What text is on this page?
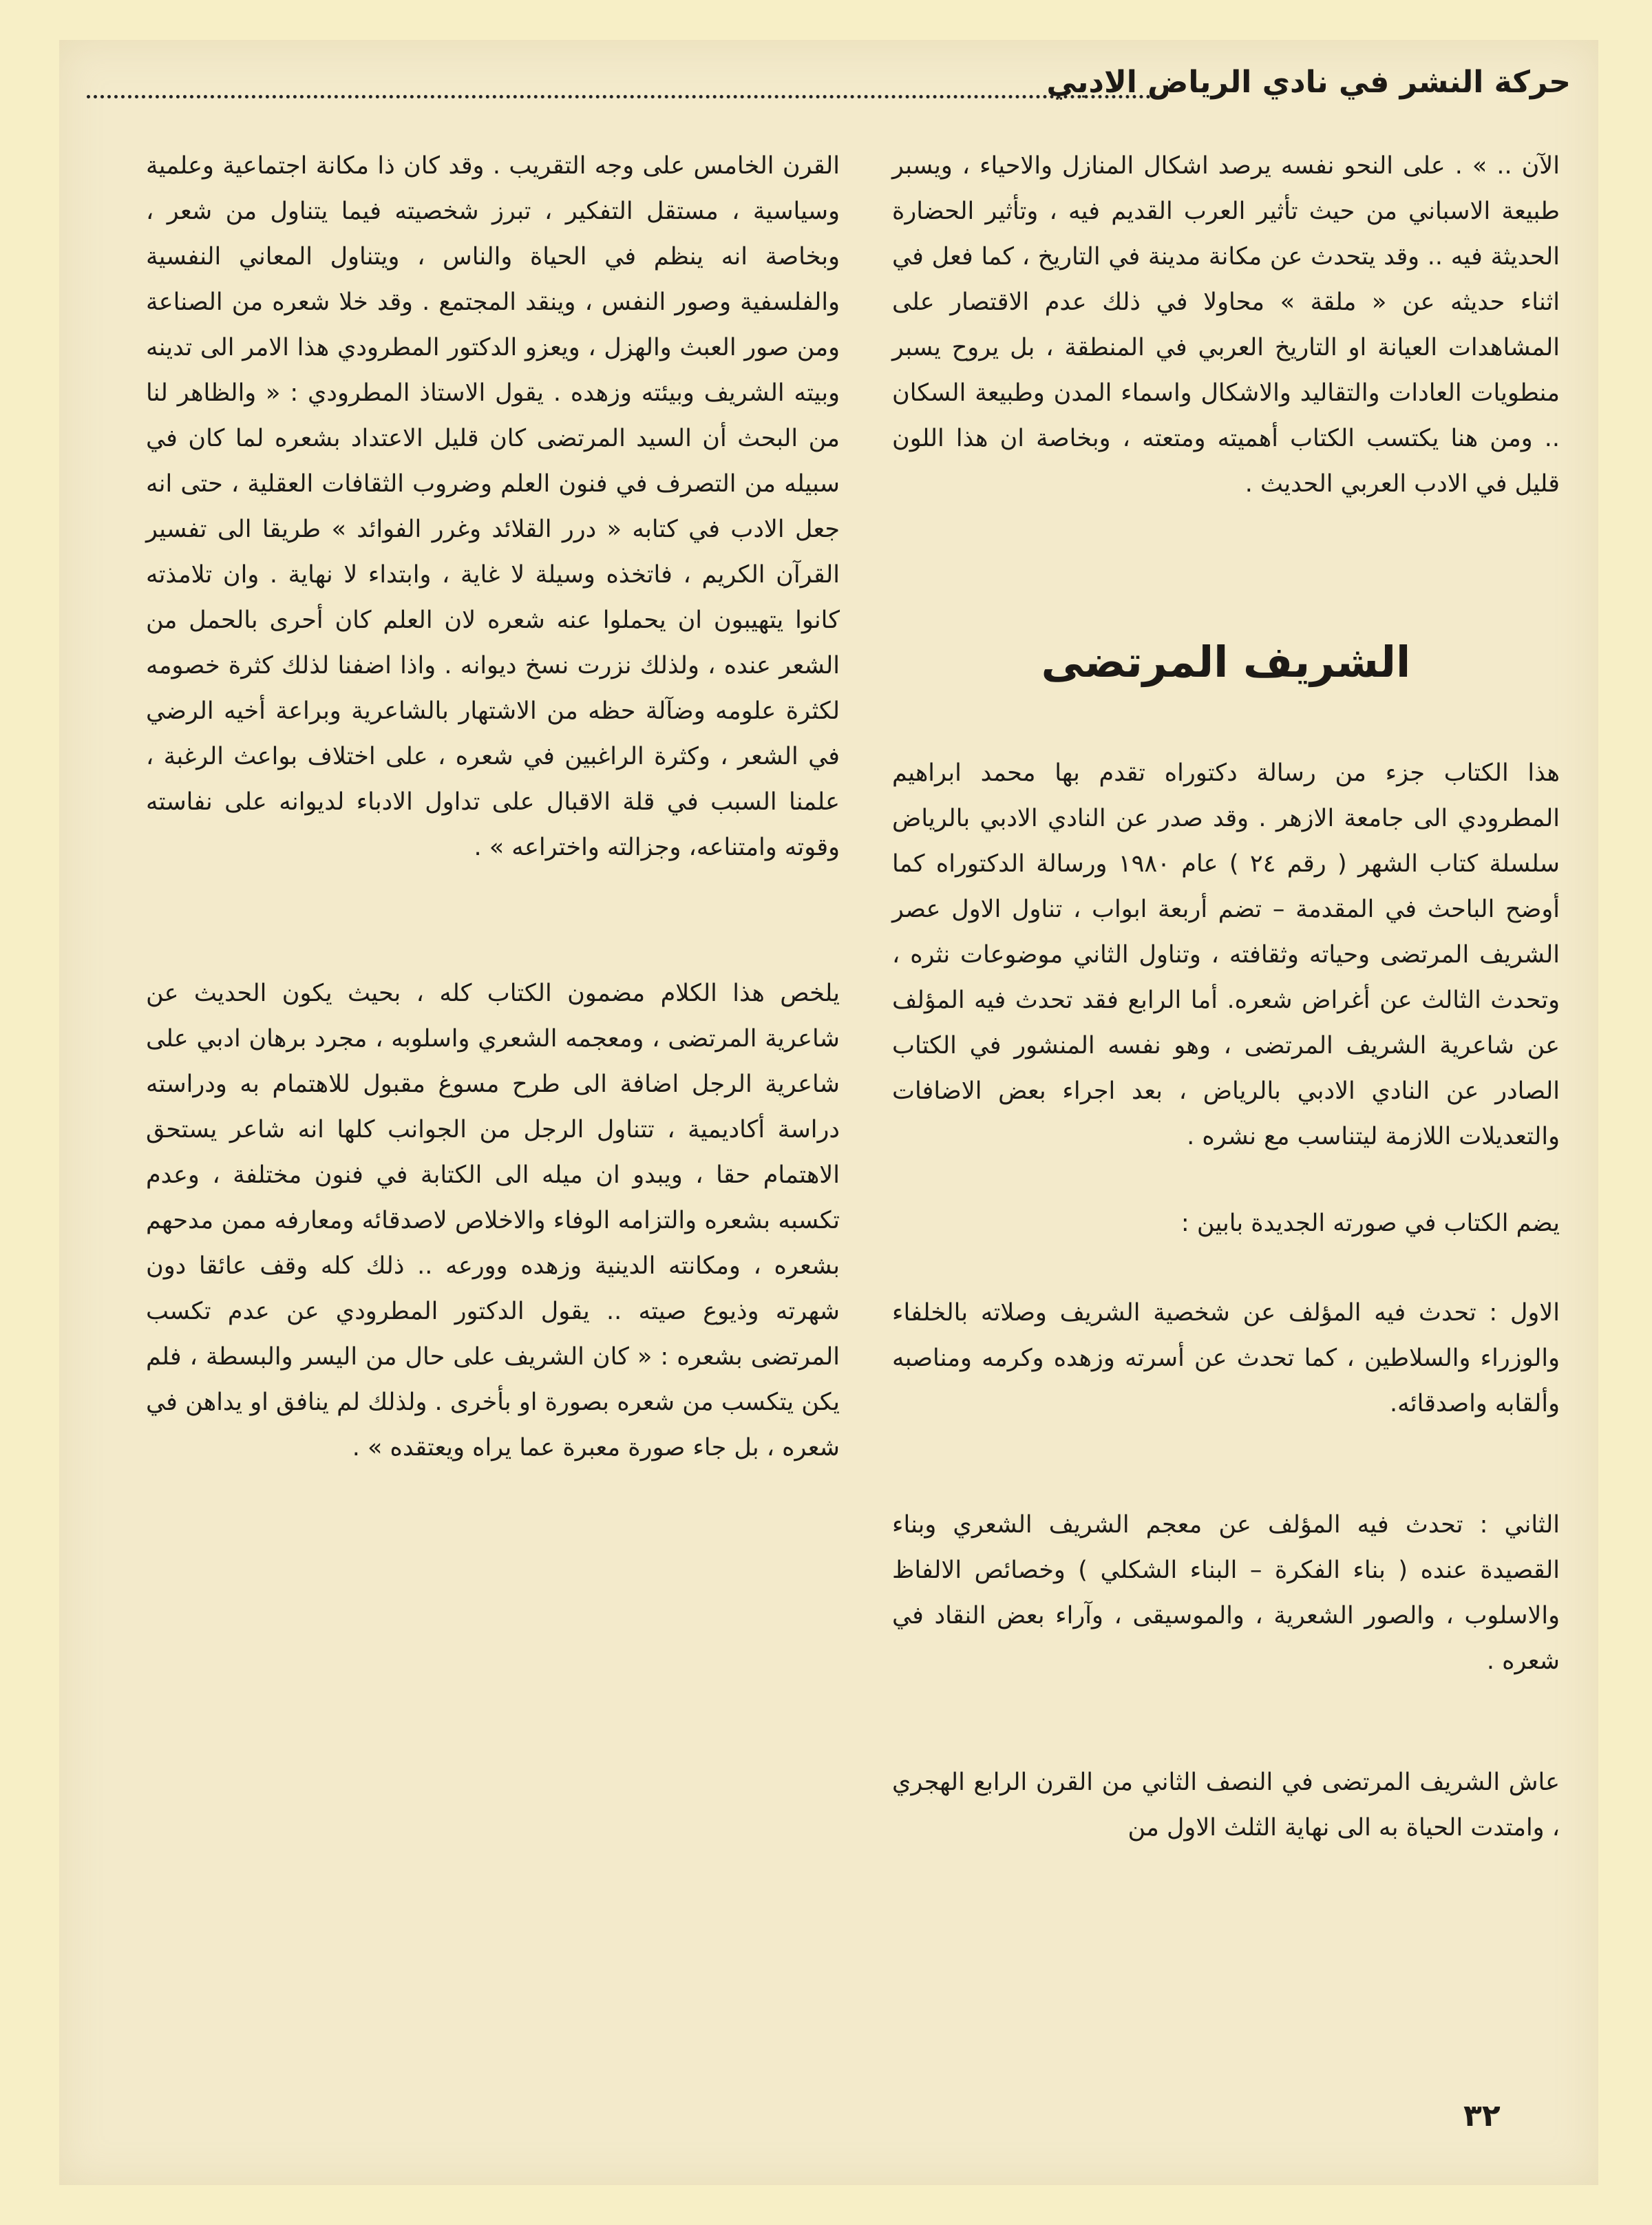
حركة النشر في نادي الرياض الادبي

الآن .. » . على النحو نفسه يرصد اشكال المنازل والاحياء ، ويسبر طبيعة الاسباني من حيث تأثير العرب القديم فيه ، وتأثير الحضارة الحديثة فيه .. وقد يتحدث عن مكانة مدينة في التاريخ ، كما فعل في اثناء حديثه عن « ملقة » محاولا في ذلك عدم الاقتصار على المشاهدات العيانة او التاريخ العربي في المنطقة ، بل يروح يسبر منطويات العادات والتقاليد والاشكال واسماء المدن وطبيعة السكان .. ومن هنا يكتسب الكتاب أهميته ومتعته ، وبخاصة ان هذا اللون قليل في الادب العربي الحديث .

الشريف المرتضى

هذا الكتاب جزء من رسالة دكتوراه تقدم بها محمد ابراهيم المطرودي الى جامعة الازهر . وقد صدر عن النادي الادبي بالرياض سلسلة كتاب الشهر ( رقم ٢٤ ) عام ١٩٨٠ ورسالة الدكتوراه كما أوضح الباحث في المقدمة – تضم أربعة ابواب ، تناول الاول عصر الشريف المرتضى وحياته وثقافته ، وتناول الثاني موضوعات نثره ، وتحدث الثالث عن أغراض شعره. أما الرابع فقد تحدث فيه المؤلف عن شاعرية الشريف المرتضى ، وهو نفسه المنشور في الكتاب الصادر عن النادي الادبي بالرياض ، بعد اجراء بعض الاضافات والتعديلات اللازمة ليتناسب مع نشره .

يضم الكتاب في صورته الجديدة بابين :

الاول : تحدث فيه المؤلف عن شخصية الشريف وصلاته بالخلفاء والوزراء والسلاطين ، كما تحدث عن أسرته وزهده وكرمه ومناصبه وألقابه واصدقائه.

الثاني : تحدث فيه المؤلف عن معجم الشريف الشعري وبناء القصيدة عنده ( بناء الفكرة – البناء الشكلي ) وخصائص الالفاظ والاسلوب ، والصور الشعرية ، والموسيقى ، وآراء بعض النقاد في شعره .

عاش الشريف المرتضى في النصف الثاني من القرن الرابع الهجري ، وامتدت الحياة به الى نهاية الثلث الاول من

القرن الخامس على وجه التقريب . وقد كان ذا مكانة اجتماعية وعلمية وسياسية ، مستقل التفكير ، تبرز شخصيته فيما يتناول من شعر ، وبخاصة انه ينظم في الحياة والناس ، ويتناول المعاني النفسية والفلسفية وصور النفس ، وينقد المجتمع . وقد خلا شعره من الصناعة ومن صور العبث والهزل ، ويعزو الدكتور المطرودي هذا الامر الى تدينه وبيته الشريف وبيئته وزهده . يقول الاستاذ المطرودي : « والظاهر لنا من البحث أن السيد المرتضى كان قليل الاعتداد بشعره لما كان في سبيله من التصرف في فنون العلم وضروب الثقافات العقلية ، حتى انه جعل الادب في كتابه « درر القلائد وغرر الفوائد » طريقا الى تفسير القرآن الكريم ، فاتخذه وسيلة لا غاية ، وابتداء لا نهاية . وان تلامذته كانوا يتهيبون ان يحملوا عنه شعره لان العلم كان أحرى بالحمل من الشعر عنده ، ولذلك نزرت نسخ ديوانه . واذا اضفنا لذلك كثرة خصومه لكثرة علومه وضآلة حظه من الاشتهار بالشاعرية وبراعة أخيه الرضي في الشعر ، وكثرة الراغبين في شعره ، على اختلاف بواعث الرغبة ، علمنا السبب في قلة الاقبال على تداول الادباء لديوانه على نفاسته وقوته وامتناعه، وجزالته واختراعه » .

يلخص هذا الكلام مضمون الكتاب كله ، بحيث يكون الحديث عن شاعرية المرتضى ، ومعجمه الشعري واسلوبه ، مجرد برهان ادبي على شاعرية الرجل اضافة الى طرح مسوغ مقبول للاهتمام به ودراسته دراسة أكاديمية ، تتناول الرجل من الجوانب كلها انه شاعر يستحق الاهتمام حقا ، ويبدو ان ميله الى الكتابة في فنون مختلفة ، وعدم تكسبه بشعره والتزامه الوفاء والاخلاص لاصدقائه ومعارفه ممن مدحهم بشعره ، ومكانته الدينية وزهده وورعه .. ذلك كله وقف عائقا دون شهرته وذيوع صيته .. يقول الدكتور المطرودي عن عدم تكسب المرتضى بشعره : « كان الشريف على حال من اليسر والبسطة ، فلم يكن يتكسب من شعره بصورة او بأخرى . ولذلك لم ينافق او يداهن في شعره ، بل جاء صورة معبرة عما يراه ويعتقده » .

٣٢
